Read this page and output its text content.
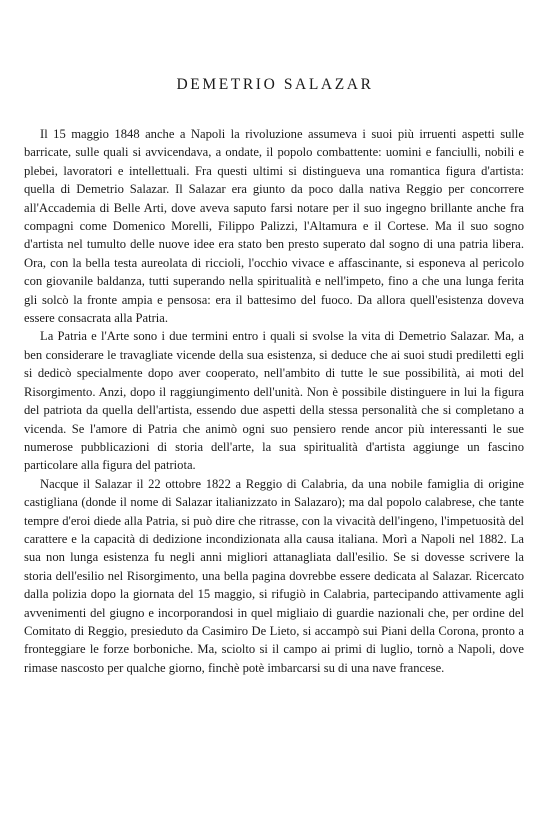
DEMETRIO SALAZAR

Il 15 maggio 1848 anche a Napoli la rivoluzione assumeva i suoi più irruenti aspetti sulle barricate, sulle quali si avvicendava, a ondate, il popolo combattente: uomini e fanciulli, nobili e plebei, lavoratori e intellettuali. Fra questi ultimi si distingueva una romantica figura d'artista: quella di Demetrio Salazar. Il Salazar era giunto da poco dalla nativa Reggio per concorrere all'Accademia di Belle Arti, dove aveva saputo farsi notare per il suo ingegno brillante anche fra compagni come Domenico Morelli, Filippo Palizzi, l'Altamura e il Cortese. Ma il suo sogno d'artista nel tumulto delle nuove idee era stato ben presto superato dal sogno di una patria libera. Ora, con la bella testa aureolata di riccioli, l'occhio vivace e affascinante, si esponeva al pericolo con giovanile baldanza, tutti superando nella spiritualità e nell'impeto, fino a che una lunga ferita gli solcò la fronte ampia e pensosa: era il battesimo del fuoco. Da allora quell'esistenza doveva essere consacrata alla Patria.

La Patria e l'Arte sono i due termini entro i quali si svolse la vita di Demetrio Salazar. Ma, a ben considerare le travagliate vicende della sua esistenza, si deduce che ai suoi studi prediletti egli si dedicò specialmente dopo aver cooperato, nell'ambito di tutte le sue possibilità, ai moti del Risorgimento. Anzi, dopo il raggiungimento dell'unità. Non è possibile distinguere in lui la figura del patriota da quella dell'artista, essendo due aspetti della stessa personalità che si completano a vicenda. Se l'amore di Patria che animò ogni suo pensiero rende ancor più interessanti le sue numerose pubblicazioni di storia dell'arte, la sua spiritualità d'artista aggiunge un fascino particolare alla figura del patriota.

Nacque il Salazar il 22 ottobre 1822 a Reggio di Calabria, da una nobile famiglia di origine castigliana (donde il nome di Salazar italianizzato in Salazaro); ma dal popolo calabrese, che tante tempre d'eroi diede alla Patria, si può dire che ritrasse, con la vivacità dell'ingeno, l'impetuosità del carattere e la capacità di dedizione incondizionata alla causa italiana. Morì a Napoli nel 1882. La sua non lunga esistenza fu negli anni migliori attanagliata dall'esilio. Se si dovesse scrivere la storia dell'esilio nel Risorgimento, una bella pagina dovrebbe essere dedicata al Salazar. Ricercato dalla polizia dopo la giornata del 15 maggio, si rifugiò in Calabria, partecipando attivamente agli avvenimenti del giugno e incorporandosi in quel migliaio di guardie nazionali che, per ordine del Comitato di Reggio, presieduto da Casimiro De Lieto, si accampò sui Piani della Corona, pronto a fronteggiare le forze borboniche. Ma, sciolto si il campo ai primi di luglio, tornò a Napoli, dove rimase nascosto per qualche giorno, finchè potè imbarcarsi su di una nave francese.
